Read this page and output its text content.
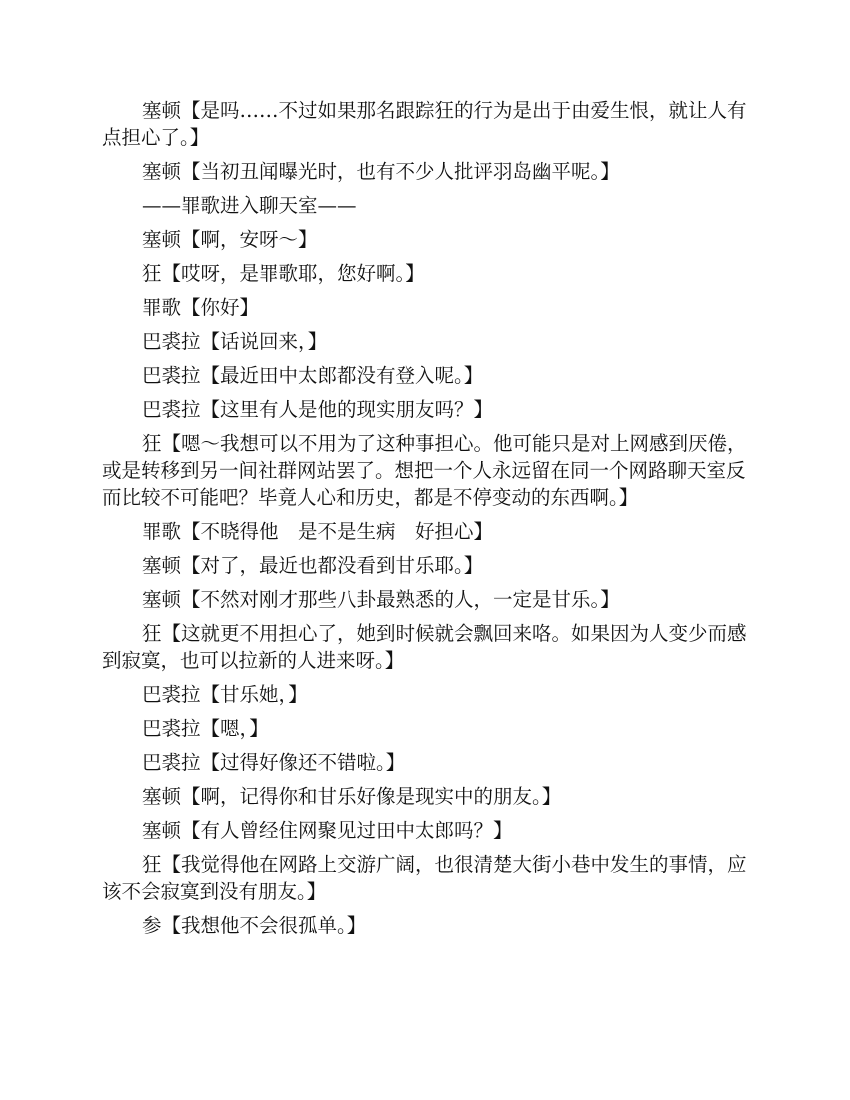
塞顿【是吗……不过如果那名跟踪狂的行为是出于由爱生恨，就让人有点担心了。】

塞顿【当初丑闻曝光时，也有不少人批评羽岛幽平呢。】

——罪歌进入聊天室——

塞顿【啊，安呀～】

狂【哎呀，是罪歌耶，您好啊。】

罪歌【你好】

巴裘拉【话说回来，】

巴裘拉【最近田中太郎都没有登入呢。】

巴裘拉【这里有人是他的现实朋友吗？】

狂【嗯～我想可以不用为了这种事担心。他可能只是对上网感到厌倦，或是转移到另一间社群网站罢了。想把一个人永远留在同一个网路聊天室反而比较不可能吧？毕竟人心和历史，都是不停变动的东西啊。】

罪歌【不晓得他　是不是生病　好担心】

塞顿【对了，最近也都没看到甘乐耶。】

塞顿【不然对刚才那些八卦最熟悉的人，一定是甘乐。】

狂【这就更不用担心了，她到时候就会飘回来咯。如果因为人变少而感到寂寞，也可以拉新的人进来呀。】

巴裘拉【甘乐她，】

巴裘拉【嗯，】

巴裘拉【过得好像还不错啦。】

塞顿【啊，记得你和甘乐好像是现实中的朋友。】

塞顿【有人曾经住网聚见过田中太郎吗？】

狂【我觉得他在网路上交游广阔，也很清楚大街小巷中发生的事情，应该不会寂寞到没有朋友。】

参【我想他不会很孤单。】
